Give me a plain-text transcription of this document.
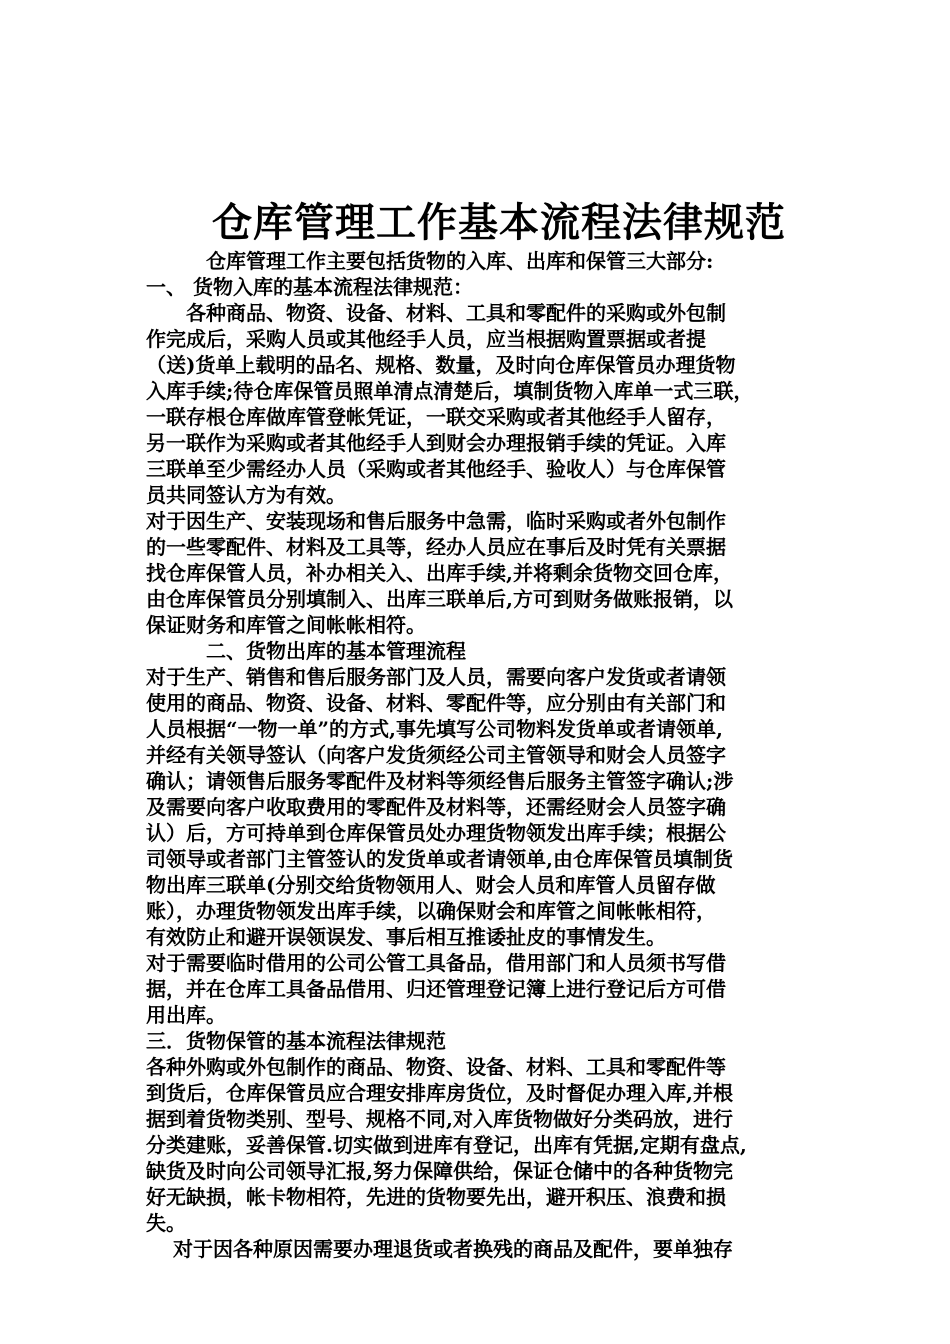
仓库管理工作基本流程法律规范
　　　仓库管理工作主要包括货物的入库、出库和保管三大部分:
一、 货物入库的基本流程法律规范：
　　各种商品、物资、设备、材料、工具和零配件的采购或外包制
作完成后，采购人员或其他经手人员，应当根据购置票据或者提
（送)货单上载明的品名、规格、数量，及时向仓库保管员办理货物
入库手续;待仓库保管员照单清点清楚后，填制货物入库单一式三联，
一联存根仓库做库管登帐凭证，一联交采购或者其他经手人留存，
另一联作为采购或者其他经手人到财会办理报销手续的凭证。入库
三联单至少需经办人员（采购或者其他经手、验收人）与仓库保管
员共同签认方为有效。
对于因生产、安装现场和售后服务中急需，临时采购或者外包制作
的一些零配件、材料及工具等，经办人员应在事后及时凭有关票据
找仓库保管人员，补办相关入、出库手续,并将剩余货物交回仓库，
由仓库保管员分别填制入、出库三联单后,方可到财务做账报销，以
保证财务和库管之间帐帐相符。
　　　二、货物出库的基本管理流程
对于生产、销售和售后服务部门及人员，需要向客户发货或者请领
使用的商品、物资、设备、材料、零配件等，应分别由有关部门和
人员根据“一物一单”的方式,事先填写公司物料发货单或者请领单,
并经有关领导签认（向客户发货须经公司主管领导和财会人员签字
确认；请领售后服务零配件及材料等须经售后服务主管签字确认;涉
及需要向客户收取费用的零配件及材料等，还需经财会人员签字确
认）后，方可持单到仓库保管员处办理货物领发出库手续；根据公
司领导或者部门主管签认的发货单或者请领单,由仓库保管员填制货
物出库三联单(分别交给货物领用人、财会人员和库管人员留存做
账），办理货物领发出库手续，以确保财会和库管之间帐帐相符，
有效防止和避开误领误发、事后相互推诿扯皮的事情发生。
对于需要临时借用的公司公管工具备品，借用部门和人员须书写借
据，并在仓库工具备品借用、归还管理登记簿上进行登记后方可借
用出库。
三．货物保管的基本流程法律规范
各种外购或外包制作的商品、物资、设备、材料、工具和零配件等
到货后，仓库保管员应合理安排库房货位，及时督促办理入库,并根
据到着货物类别、型号、规格不同,对入库货物做好分类码放，进行
分类建账，妥善保管.切实做到进库有登记，出库有凭据,定期有盘点,
缺货及时向公司领导汇报,努力保障供给，保证仓储中的各种货物完
好无缺损，帐卡物相符，先进的货物要先出，避开积压、浪费和损
失。
　 对于因各种原因需要办理退货或者换残的商品及配件，要单独存
